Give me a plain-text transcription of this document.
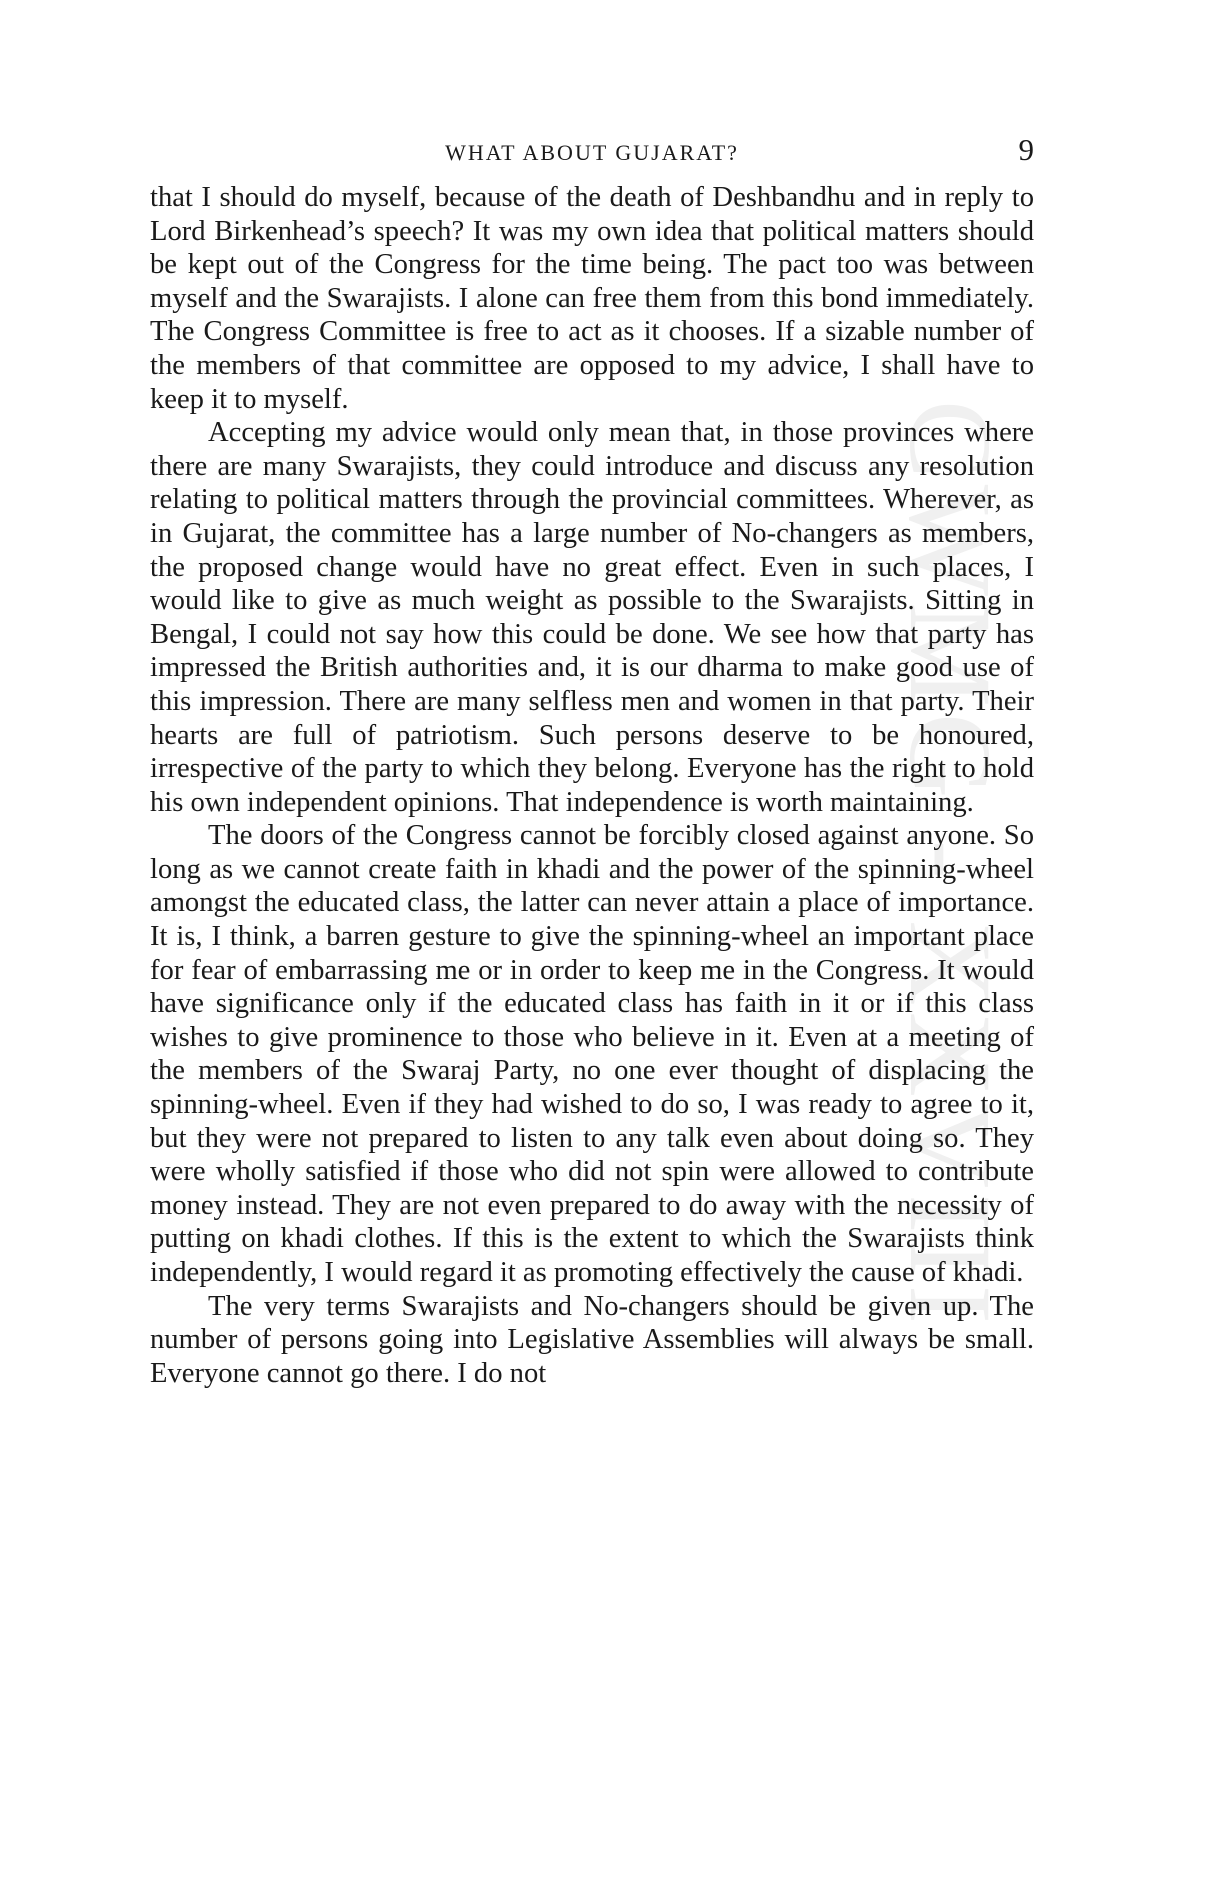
CWMG - XXVIII
WHAT ABOUT GUJARAT?	9

that I should do myself, because of the death of Deshbandhu and in reply to Lord Birkenhead’s speech? It was my own idea that political matters should be kept out of the Congress for the time being. The pact too was between myself and the Swarajists. I alone can free them from this bond immediately. The Congress Committee is free to act as it chooses. If a sizable number of the members of that committee are opposed to my advice, I shall have to keep it to myself.

Accepting my advice would only mean that, in those provinces where there are many Swarajists, they could introduce and discuss any resolution relating to political matters through the provincial committees. Wherever, as in Gujarat, the committee has a large number of No-changers as members, the proposed change would have no great effect. Even in such places, I would like to give as much weight as possible to the Swarajists. Sitting in Bengal, I could not say how this could be done. We see how that party has impressed the British authorities and, it is our dharma to make good use of this impression. There are many selfless men and women in that party. Their hearts are full of patriotism. Such persons deserve to be honoured, irrespective of the party to which they belong. Everyone has the right to hold his own independent opinions. That independence is worth maintaining.

The doors of the Congress cannot be forcibly closed against anyone. So long as we cannot create faith in khadi and the power of the spinning-wheel amongst the educated class, the latter can never attain a place of importance. It is, I think, a barren gesture to give the spinning-wheel an important place for fear of embarrassing me or in order to keep me in the Congress. It would have significance only if the educated class has faith in it or if this class wishes to give prominence to those who believe in it. Even at a meeting of the members of the Swaraj Party, no one ever thought of displacing the spinning-wheel. Even if they had wished to do so, I was ready to agree to it, but they were not prepared to listen to any talk even about doing so. They were wholly satisfied if those who did not spin were allowed to contribute money instead. They are not even prepared to do away with the necessity of putting on khadi clothes. If this is the extent to which the Swarajists think independently, I would regard it as promoting effectively the cause of khadi.

The very terms Swarajists and No-changers should be given up. The number of persons going into Legislative Assemblies will always be small. Everyone cannot go there. I do not
